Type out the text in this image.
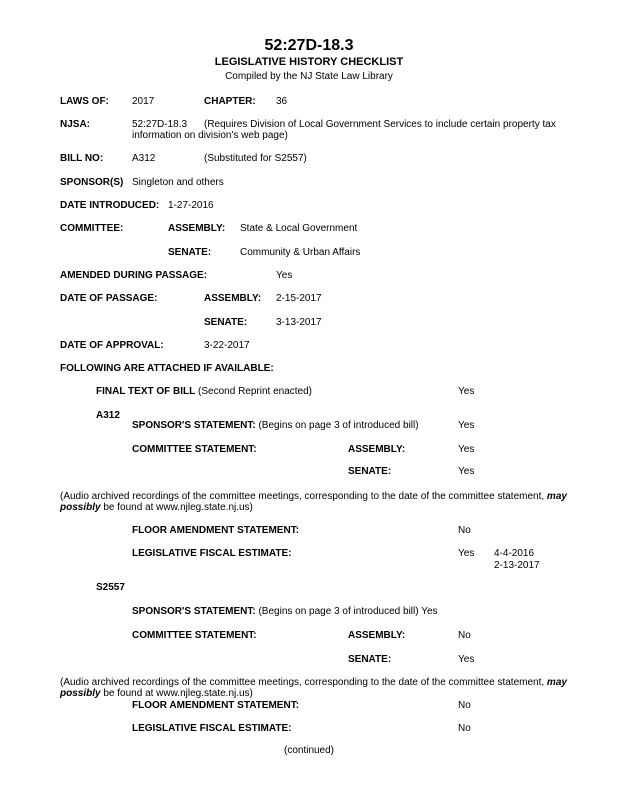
52:27D-18.3
LEGISLATIVE HISTORY CHECKLIST
Compiled by the NJ State Law Library
LAWS OF: 2017	CHAPTER: 36
NJSA:	52:27D-18.3	(Requires Division of Local Government Services to include certain property tax information on division's web page)
BILL NO:	A312	(Substituted for S2557)
SPONSOR(S) Singleton and others
DATE INTRODUCED: 1-27-2016
COMMITTEE:	ASSEMBLY: State & Local Government
SENATE:	Community & Urban Affairs
AMENDED DURING PASSAGE:	Yes
DATE OF PASSAGE:	ASSEMBLY: 2-15-2017
SENATE:	3-13-2017
DATE OF APPROVAL:	3-22-2017
FOLLOWING ARE ATTACHED IF AVAILABLE:
FINAL TEXT OF BILL (Second Reprint enacted)	Yes
A312
SPONSOR'S STATEMENT: (Begins on page 3 of introduced bill)	Yes
COMMITTEE STATEMENT:	ASSEMBLY:	Yes
SENATE:	Yes
(Audio archived recordings of the committee meetings, corresponding to the date of the committee statement, may possibly be found at www.njleg.state.nj.us)
FLOOR AMENDMENT STATEMENT:	No
LEGISLATIVE FISCAL ESTIMATE:	Yes 4-4-2016
2-13-2017
S2557
SPONSOR'S STATEMENT: (Begins on page 3 of introduced bill) Yes
COMMITTEE STATEMENT:	ASSEMBLY:	No
SENATE:	Yes
(Audio archived recordings of the committee meetings, corresponding to the date of the committee statement, may possibly be found at www.njleg.state.nj.us)
FLOOR AMENDMENT STATEMENT:	No
LEGISLATIVE FISCAL ESTIMATE:	No
(continued)
